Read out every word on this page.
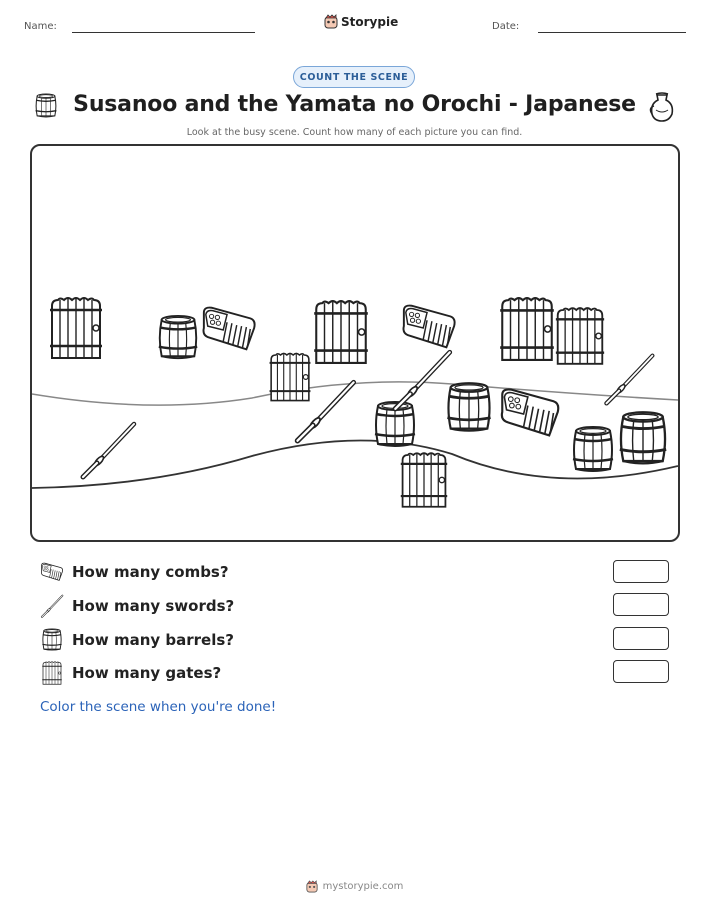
Name:	Storypie	Date:
COUNT THE SCENE
Susanoo and the Yamata no Orochi - Japanese
Look at the busy scene. Count how many of each picture you can find.
How many combs?
How many swords?
How many barrels?
How many gates?
Color the scene when you're done!
mystorypie.com
